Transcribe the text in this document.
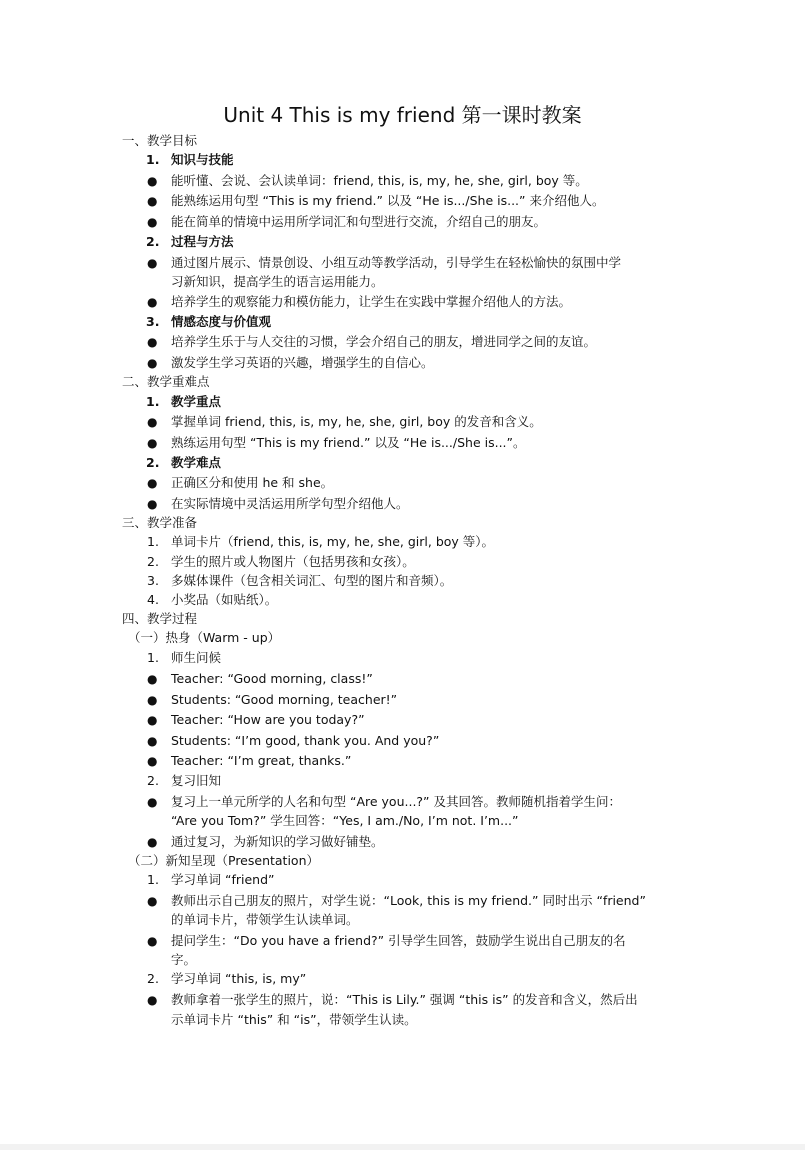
Unit 4 This is my friend 第一课时教案
一、教学目标
1. 知识与技能
● 能听懂、会说、会认读单词：friend, this, is, my, he, she, girl, boy 等。
● 能熟练运用句型 “This is my friend.” 以及 “He is.../She is...” 来介绍他人。
● 能在简单的情境中运用所学词汇和句型进行交流，介绍自己的朋友。
2. 过程与方法
● 通过图片展示、情景创设、小组互动等教学活动，引导学生在轻松愉快的氛围中学
习新知识，提高学生的语言运用能力。
● 培养学生的观察能力和模仿能力，让学生在实践中掌握介绍他人的方法。
3. 情感态度与价值观
● 培养学生乐于与人交往的习惯，学会介绍自己的朋友，增进同学之间的友谊。
● 激发学生学习英语的兴趣，增强学生的自信心。
二、教学重难点
1. 教学重点
● 掌握单词 friend, this, is, my, he, she, girl, boy 的发音和含义。
● 熟练运用句型 “This is my friend.” 以及 “He is.../She is...”。
2. 教学难点
● 正确区分和使用 he 和 she。
● 在实际情境中灵活运用所学句型介绍他人。
三、教学准备
1. 单词卡片（friend, this, is, my, he, she, girl, boy 等）。
2. 学生的照片或人物图片（包括男孩和女孩）。
3. 多媒体课件（包含相关词汇、句型的图片和音频）。
4. 小奖品（如贴纸）。
四、教学过程
（一）热身（Warm - up）
1. 师生问候
● Teacher: “Good morning, class!”
● Students: “Good morning, teacher!”
● Teacher: “How are you today?”
● Students: “I’m good, thank you. And you?”
● Teacher: “I’m great, thanks.”
2. 复习旧知
● 复习上一单元所学的人名和句型 “Are you...?” 及其回答。教师随机指着学生问：
“Are you Tom?” 学生回答：“Yes, I am./No, I’m not. I’m...”
● 通过复习，为新知识的学习做好铺垫。
（二）新知呈现（Presentation）
1. 学习单词 “friend”
● 教师出示自己朋友的照片，对学生说：“Look, this is my friend.” 同时出示 “friend”
的单词卡片，带领学生认读单词。
● 提问学生：“Do you have a friend?” 引导学生回答，鼓励学生说出自己朋友的名
字。
2. 学习单词 “this, is, my”
● 教师拿着一张学生的照片，说：“This is Lily.” 强调 “this is” 的发音和含义，然后出
示单词卡片 “this” 和 “is”，带领学生认读。
